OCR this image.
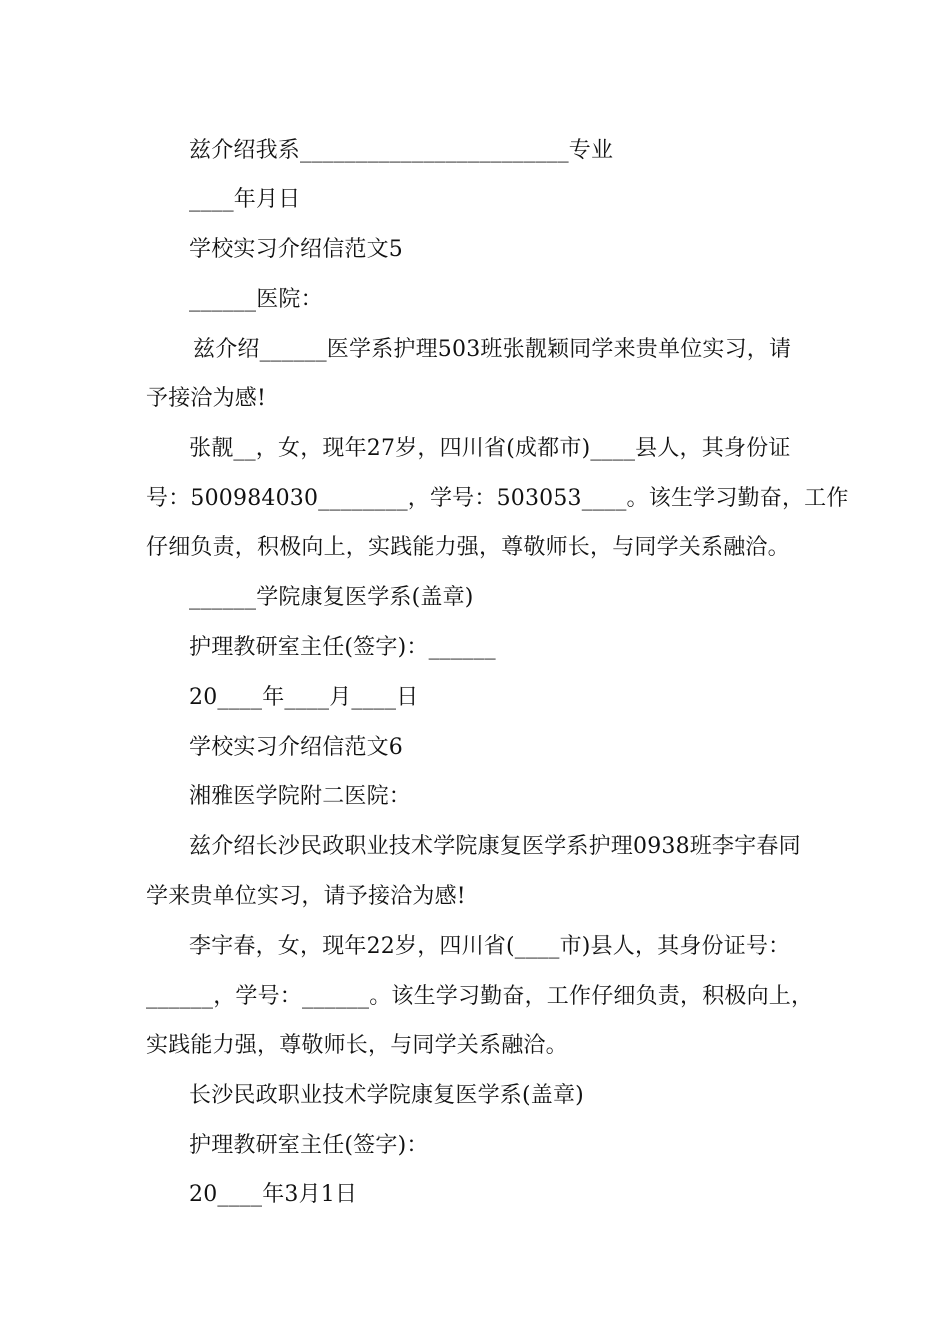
兹介绍我系________________________专业
____年月日
学校实习介绍信范文5
______医院：
兹介绍______医学系护理503班张靓颖同学来贵单位实习，请
予接洽为感!
张靓__，女，现年27岁，四川省(成都市)____县人，其身份证
号：500984030________，学号：503053____。该生学习勤奋，工作
仔细负责，积极向上，实践能力强，尊敬师长，与同学关系融洽。
______学院康复医学系(盖章)
护理教研室主任(签字)：______
20____年____月____日
学校实习介绍信范文6
湘雅医学院附二医院：
兹介绍长沙民政职业技术学院康复医学系护理0938班李宇春同
学来贵单位实习，请予接洽为感!
李宇春，女，现年22岁，四川省(____市)县人，其身份证号：
______，学号：______。该生学习勤奋，工作仔细负责，积极向上，
实践能力强，尊敬师长，与同学关系融洽。
长沙民政职业技术学院康复医学系(盖章)
护理教研室主任(签字)：
20____年3月1日
